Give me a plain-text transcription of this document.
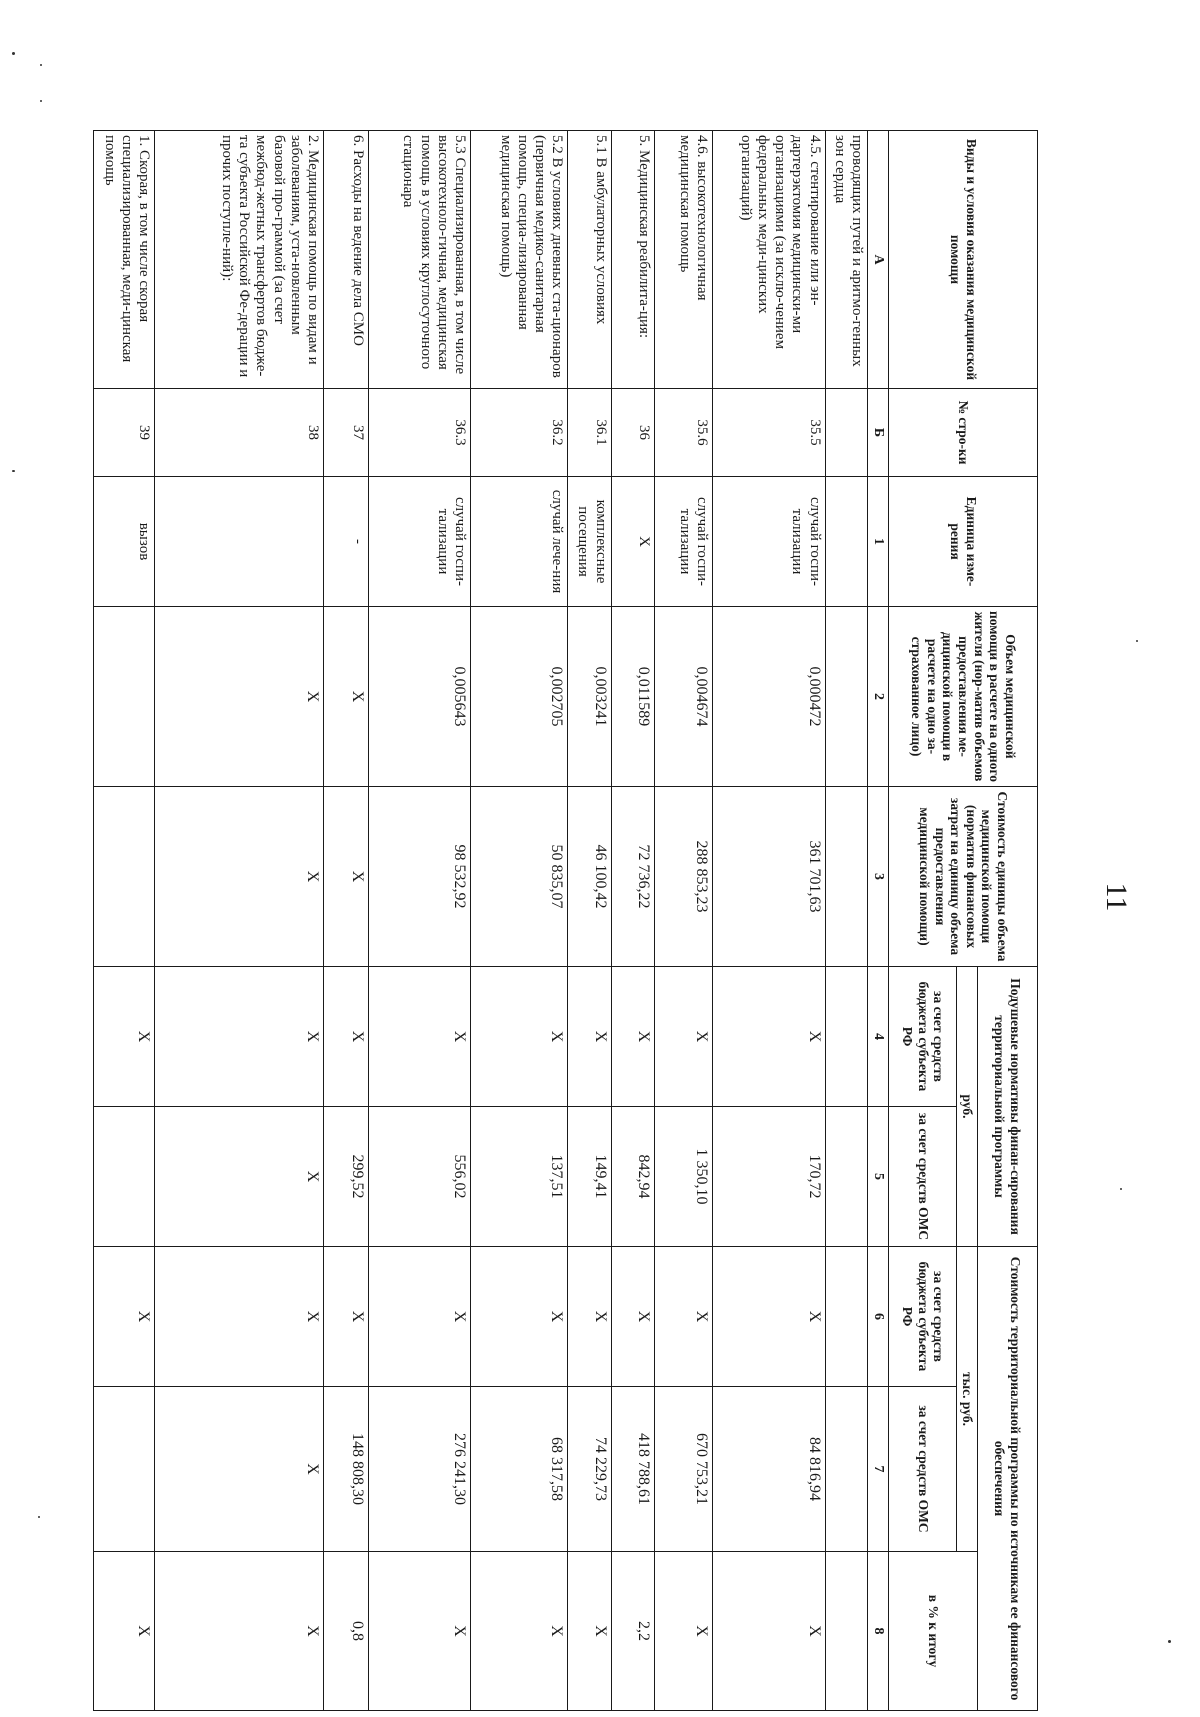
11
Виды и условия оказания медицинской помощи	№ стро-ки	Единица изме-рения	Объем медицинской помощи в расчете на одного жителя (нор-матив объемов предоставления ме-дицинской помощи в расчете на одно за-страхованное лицо)	Стоимость единицы объема медицинской помощи (норматив финансовых затрат на единицу объема предоставления медицинской помощи)	Подушевые нормативы финан-сирования территориальной программы		Стоимость территориальной программы по источникам ее финансового обеспечения		
					руб.		тыс. руб.		в % к итогу
					за счет средств бюджета субъекта РФ	за счет средств ОМС	за счет средств бюджета субъекта РФ	за счет средств ОМС	
А	Б	1	2	3	4	5	6	7	8
проводящих путей и аритмо-генных зон сердца									
4.5. стентирование или эн-дартерэктомия медицински-ми организациями (за исклю-чением федеральных меди-цинских организаций)	35.5	случай госпи-тализации	0,000472	361 701,63	X	170,72	X	84 816,94	X
4.6. высокотехнологичная медицинская помощь	35.6	случай госпи-тализации	0,004674	288 853,23	X	1 350,10	X	670 753,21	X
5. Медицинская реабилита-ция:	36	X	0,011589	72 736,22	X	842,94	X	418 788,61	2,2
5.1 В амбулаторных условиях	36.1	комплексные посещения	0,003241	46 100,42	X	149,41	X	74 229,73	X
5.2 В условиях дневных ста-ционаров (первичная медико-санитарная помощь, специа-лизированная медицинская помощь)	36.2	случай лече-ния	0,002705	50 835,07	X	137,51	X	68 317,58	X
5.3 Специализированная, в том числе высокотехноло-гичная, медицинская помощь в условиях круглосуточного стационара	36.3	случай госпи-тализации	0,005643	98 532,92	X	556,02	X	276 241,30	X
6. Расходы на ведение дела СМО	37	-	X	X	X	299,52	X	148 808,30	0,8
2. Медицинская помощь по видам и заболеваниям, уста-новленным базовой про-граммой (за счет межбюд-жетных трансфертов бюдже-та субъекта Российской Фе-дерации и прочих поступле-ний):	38		X	X	X	X	X	X	X
1. Скорая, в том числе скорая специализированная, меди-цинская помощь	39	вызов			X		X		X
